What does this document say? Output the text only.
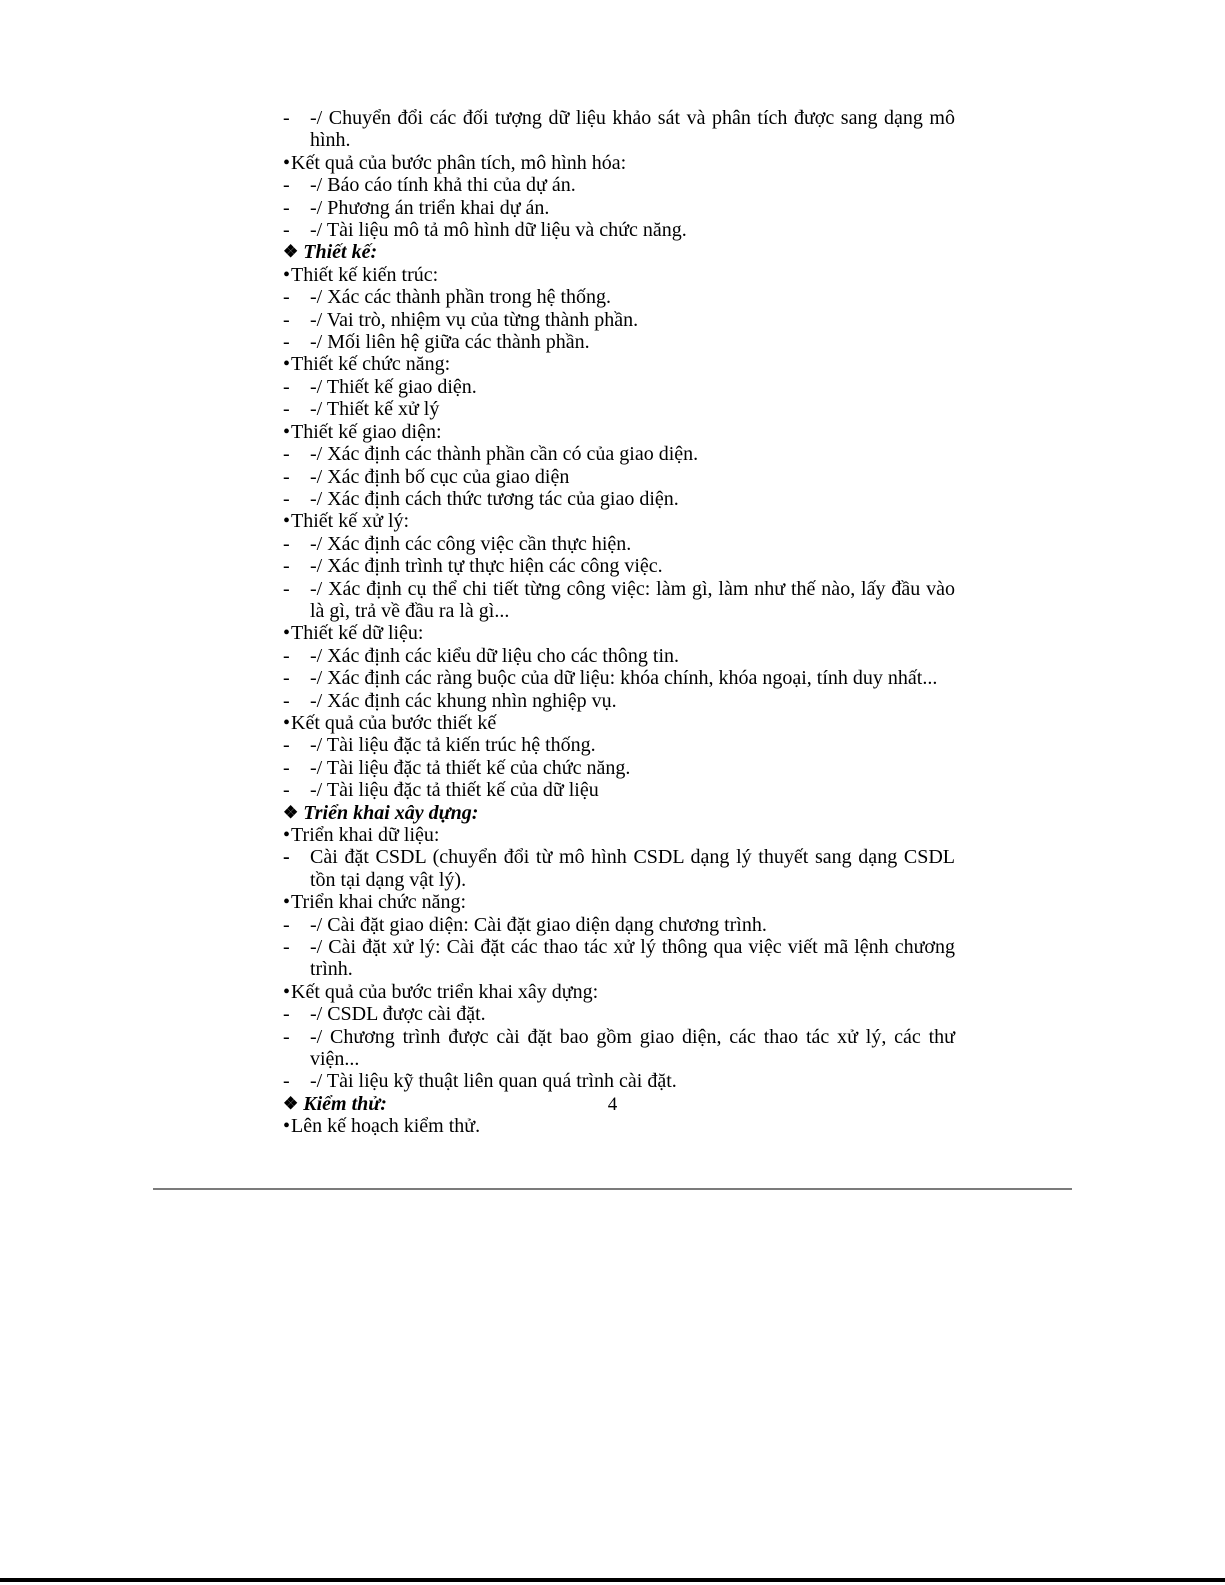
-	-/ Chuyển đổi các đối tượng dữ liệu khảo sát và phân tích được sang dạng mô hình.
• Kết quả của bước phân tích, mô hình hóa:
-	-/ Báo cáo tính khả thi của dự án.
-	-/ Phương án triển khai dự án.
-	-/ Tài liệu mô tả mô hình dữ liệu và chức năng.
❖ Thiết kế:
• Thiết kế kiến trúc:
-	-/ Xác các thành phần trong hệ thống.
-	-/ Vai trò, nhiệm vụ của từng thành phần.
-	-/ Mối liên hệ giữa các thành phần.
• Thiết kế chức năng:
-	-/ Thiết kế giao diện.
-	-/ Thiết kế xử lý
• Thiết kế giao diện:
-	-/ Xác định các thành phần cần có của giao diện.
-	-/ Xác định bố cục của giao diện
-	-/ Xác định cách thức tương tác của giao diện.
• Thiết kế xử lý:
-	-/ Xác định các công việc cần thực hiện.
-	-/ Xác định trình tự thực hiện các công việc.
-	-/ Xác định cụ thể chi tiết từng công việc: làm gì, làm như thế nào, lấy đầu vào là gì, trả về đầu ra là gì...
• Thiết kế dữ liệu:
-	-/ Xác định các kiểu dữ liệu cho các thông tin.
-	-/ Xác định các ràng buộc của dữ liệu: khóa chính, khóa ngoại, tính duy nhất...
-	-/ Xác định các khung nhìn nghiệp vụ.
• Kết quả của bước thiết kế
-	-/ Tài liệu đặc tả kiến trúc hệ thống.
-	-/ Tài liệu đặc tả thiết kế của chức năng.
-	-/ Tài liệu đặc tả thiết kế của dữ liệu
❖ Triển khai xây dựng:
• Triển khai dữ liệu:
-	Cài đặt CSDL (chuyển đổi từ mô hình CSDL dạng lý thuyết sang dạng CSDL tồn tại dạng vật lý).
• Triển khai chức năng:
-	-/ Cài đặt giao diện: Cài đặt giao diện dạng chương trình.
-	-/ Cài đặt xử lý: Cài đặt các thao tác xử lý thông qua việc viết mã lệnh chương trình.
• Kết quả của bước triển khai xây dựng:
-	-/ CSDL được cài đặt.
-	-/ Chương trình được cài đặt bao gồm giao diện, các thao tác xử lý, các thư viện...
-	-/ Tài liệu kỹ thuật liên quan quá trình cài đặt.
❖ Kiểm thử:
• Lên kế hoạch kiểm thử.
4
